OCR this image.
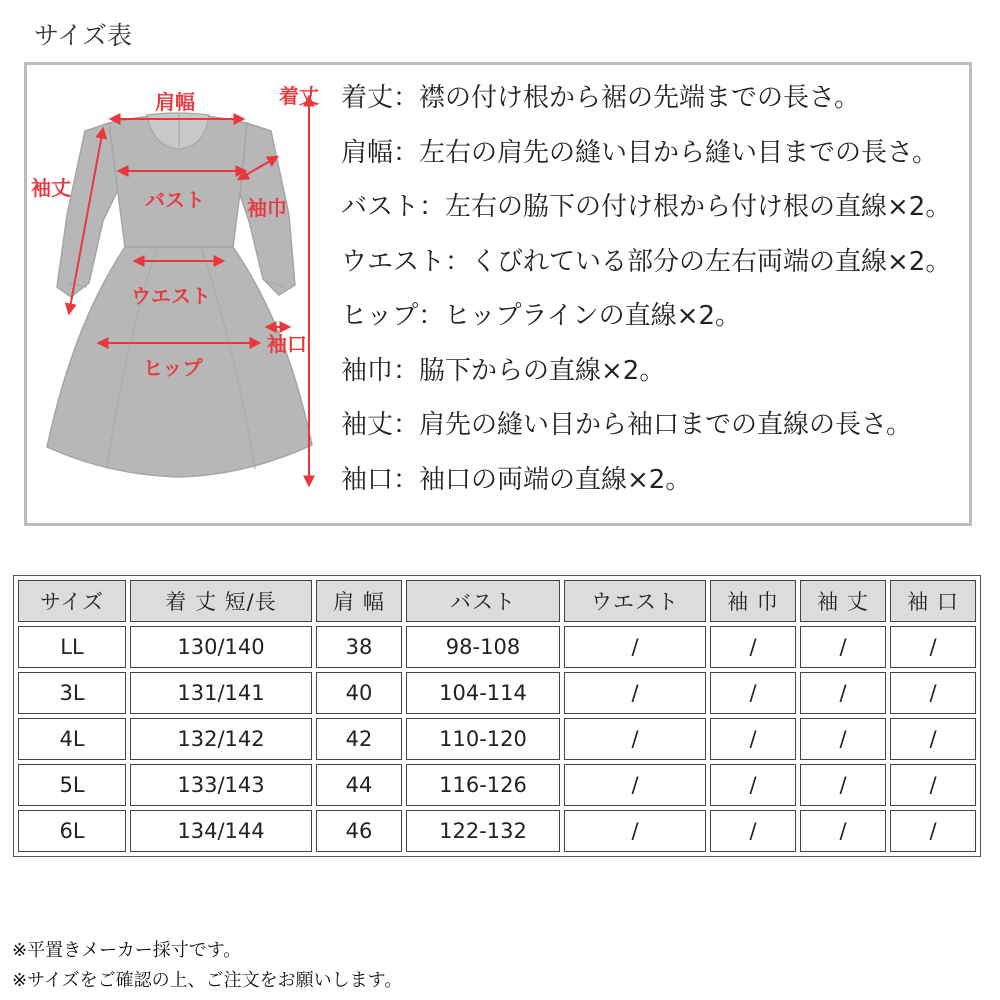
サイズ表
着丈
肩幅
袖丈	バスト 袖巾
ウエスト
袖口
ヒップ
着丈：襟の付け根から裾の先端までの長さ。
肩幅：左右の肩先の縫い目から縫い目までの長さ。
バスト：左右の脇下の付け根から付け根の直線×2。
ウエスト：くびれている部分の左右両端の直線×2。
ヒップ：ヒップラインの直線×2。
袖巾：脇下からの直線×2。
袖丈：肩先の縫い目から袖口までの直線の長さ。
袖口：袖口の両端の直線×2。
サイズ	着 丈 短/長	肩 幅	バスト	ウエスト	袖 巾	袖 丈	袖 口
LL	130/140	38	98-108	/	/	/	/
3L	131/141	40	104-114	/	/	/	/
4L	132/142	42	110-120	/	/	/	/
5L	133/143	44	116-126	/	/	/	/
6L	134/144	46	122-132	/	/	/	/
※平置きメーカー採寸です。
※サイズをご確認の上、ご注文をお願いします。
